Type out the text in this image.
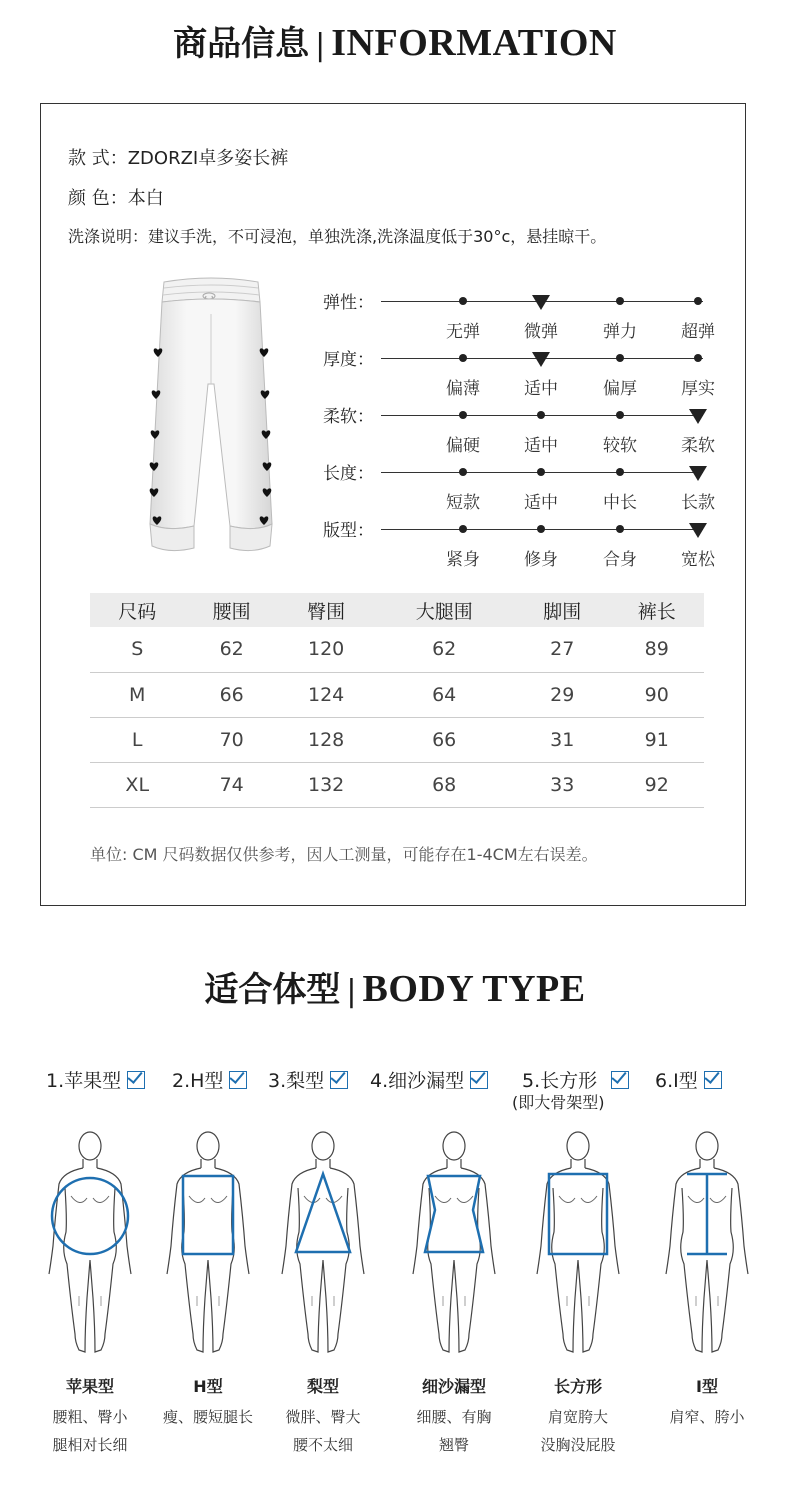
商品信息 | INFORMATION
款 式：ZDORZI卓多姿长裤
颜 色：本白
洗涤说明：建议手洗，不可浸泡，单独洗涤,洗涤温度低于30°c，悬挂晾干。
弹性：
无弹	微弹	弹力	超弹
厚度：
偏薄	适中	偏厚	厚实
柔软：
偏硬	适中	较软	柔软
长度：
短款	适中	中长	长款
版型：
紧身	修身	合身	宽松
尺码	腰围	臀围	大腿围	脚围	裤长
S	62	120	62	27	89
M	66	124	64	29	90
L	70	128	66	31	91
XL	74	132	68	33	92
单位: CM 尺码数据仅供参考，因人工测量，可能存在1-4CM左右误差。
适合体型 | BODY TYPE
1.苹果型	2.H型	3.梨型	4.细沙漏型	5.长方形	6.I型
(即大骨架型)
苹果型
腰粗、臀小
腿相对长细
H型
瘦、腰短腿长
梨型
微胖、臀大
腰不太细
细沙漏型
细腰、有胸
翘臀
长方形
肩宽胯大
没胸没屁股
I型
肩窄、胯小
